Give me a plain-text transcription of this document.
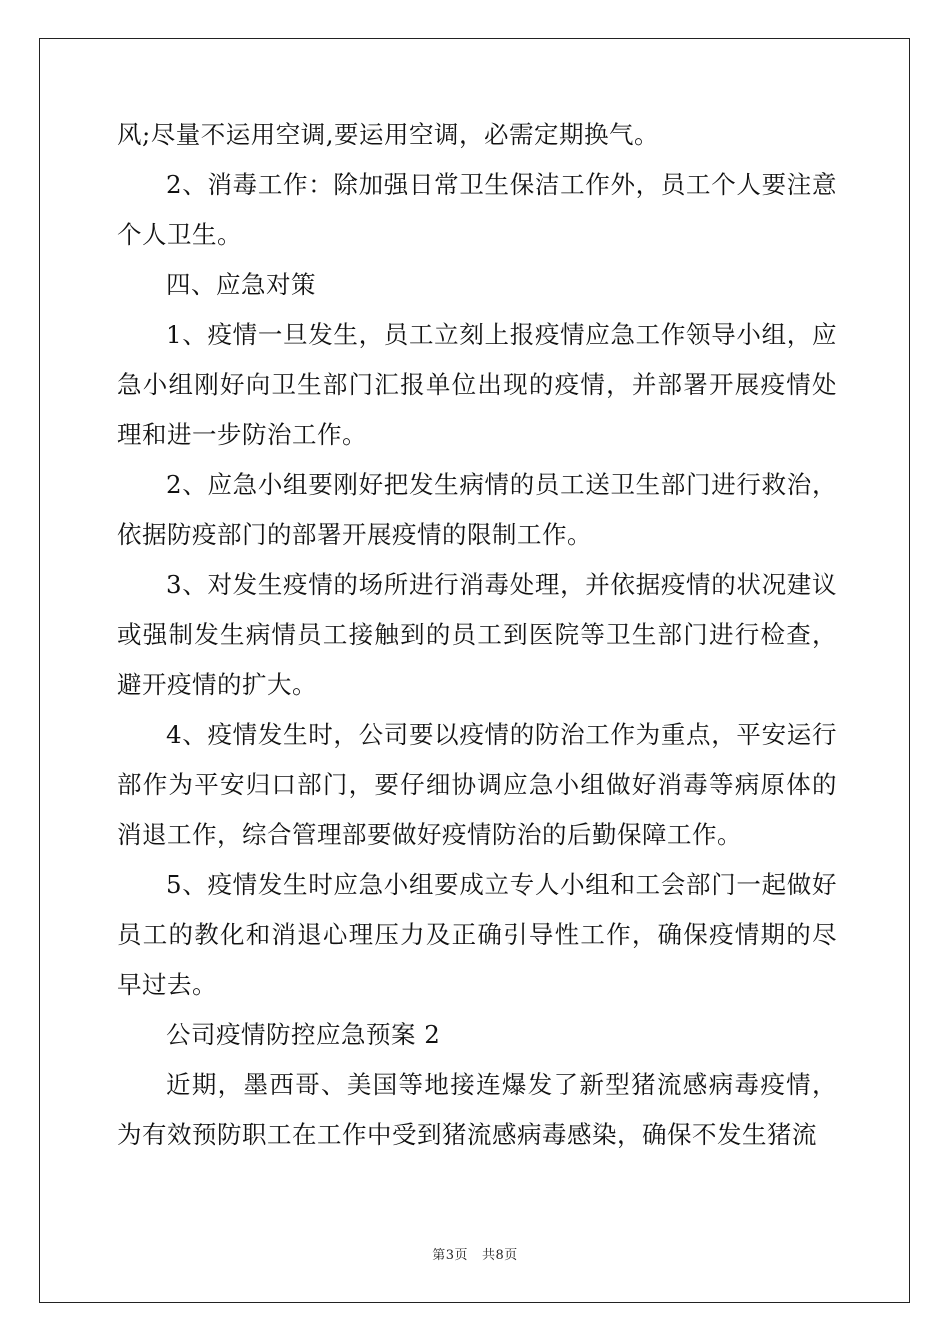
风;尽量不运用空调,要运用空调，必需定期换气。

2、消毒工作：除加强日常卫生保洁工作外，员工个人要注意个人卫生。

四、应急对策

1、疫情一旦发生，员工立刻上报疫情应急工作领导小组，应急小组刚好向卫生部门汇报单位出现的疫情，并部署开展疫情处理和进一步防治工作。

2、应急小组要刚好把发生病情的员工送卫生部门进行救治，依据防疫部门的部署开展疫情的限制工作。

3、对发生疫情的场所进行消毒处理，并依据疫情的状况建议或强制发生病情员工接触到的员工到医院等卫生部门进行检查，避开疫情的扩大。

4、疫情发生时，公司要以疫情的防治工作为重点，平安运行部作为平安归口部门，要仔细协调应急小组做好消毒等病原体的消退工作，综合管理部要做好疫情防治的后勤保障工作。

5、疫情发生时应急小组要成立专人小组和工会部门一起做好员工的教化和消退心理压力及正确引导性工作，确保疫情期的尽早过去。

公司疫情防控应急预案 2

近期，墨西哥、美国等地接连爆发了新型猪流感病毒疫情，为有效预防职工在工作中受到猪流感病毒感染，确保不发生猪流

第3页 共8页
